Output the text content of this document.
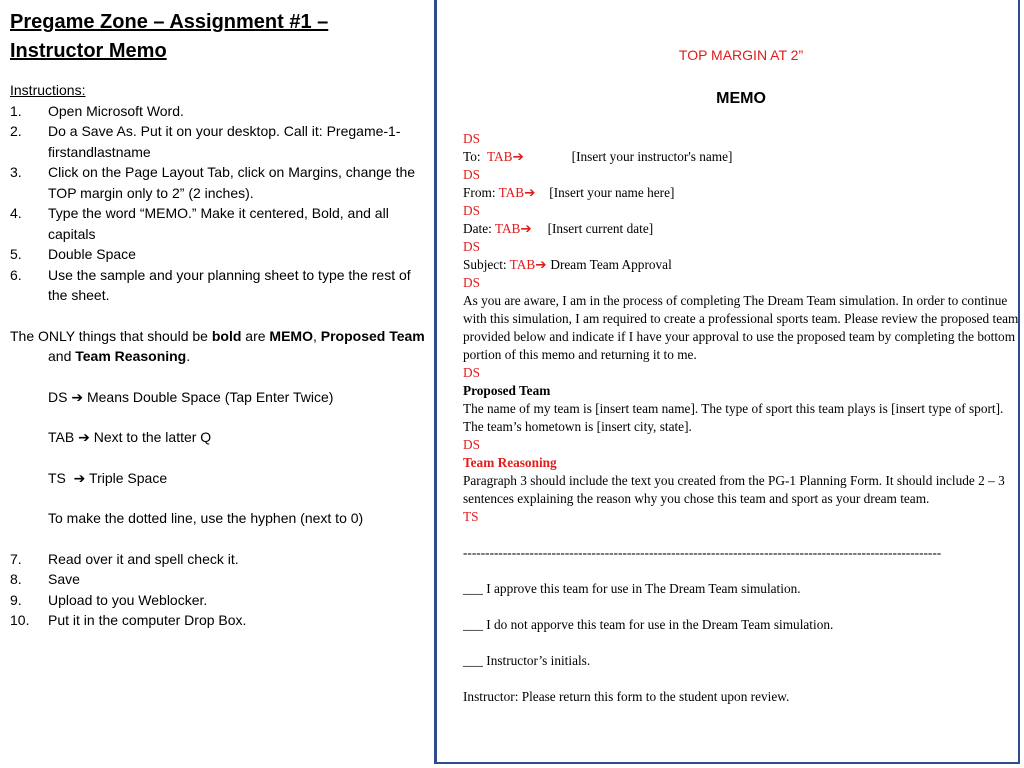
Pregame Zone – Assignment #1 –
Instructor Memo
Instructions:
1.	Open Microsoft Word.
2.	Do a Save As. Put it on your desktop. Call it: Pregame-1-firstandlastname
3.	Click on the Page Layout Tab, click on Margins, change the TOP margin only to 2” (2 inches).
4.	Type the word “MEMO.” Make it centered, Bold, and all capitals
5.	Double Space
6.	Use the sample and your planning sheet to type the rest of the sheet.
The ONLY things that should be bold are MEMO, Proposed Team and Team Reasoning.
DS ➔ Means Double Space (Tap Enter Twice)
TAB ➔ Next to the latter Q
TS  ➔ Triple Space
To make the dotted line, use the hyphen (next to 0)
7.	Read over it and spell check it.
8.	Save
9.	Upload to you Weblocker.
10.	Put it in the computer Drop Box.
TOP MARGIN AT 2”
MEMO
DS
To:  TAB➔	[Insert your instructor's name]
DS
From: TAB➔ [Insert your name here]
DS
Date: TAB➔ [Insert current date]
DS
Subject: TAB➔ Dream Team Approval
DS
As you are aware, I am in the process of completing The Dream Team simulation. In order to continue with this simulation, I am required to create a professional sports team. Please review the proposed team provided below and indicate if I have your approval to use the proposed team by completing the bottom portion of this memo and returning it to me.
DS
Proposed Team
The name of my team is [insert team name]. The type of sport this team plays is [insert type of sport]. The team’s hometown is [insert city, state].
DS
Team Reasoning
Paragraph 3 should include the text you created from the PG-1 Planning Form. It should include 2 – 3 sentences explaining the reason why you chose this team and sport as your dream team.
TS
------------------------------------------------------------------------------------------------------------
___ I approve this team for use in The Dream Team simulation.
___ I do not apporve this team for use in the Dream Team simulation.
___ Instructor’s initials.
Instructor: Please return this form to the student upon review.
